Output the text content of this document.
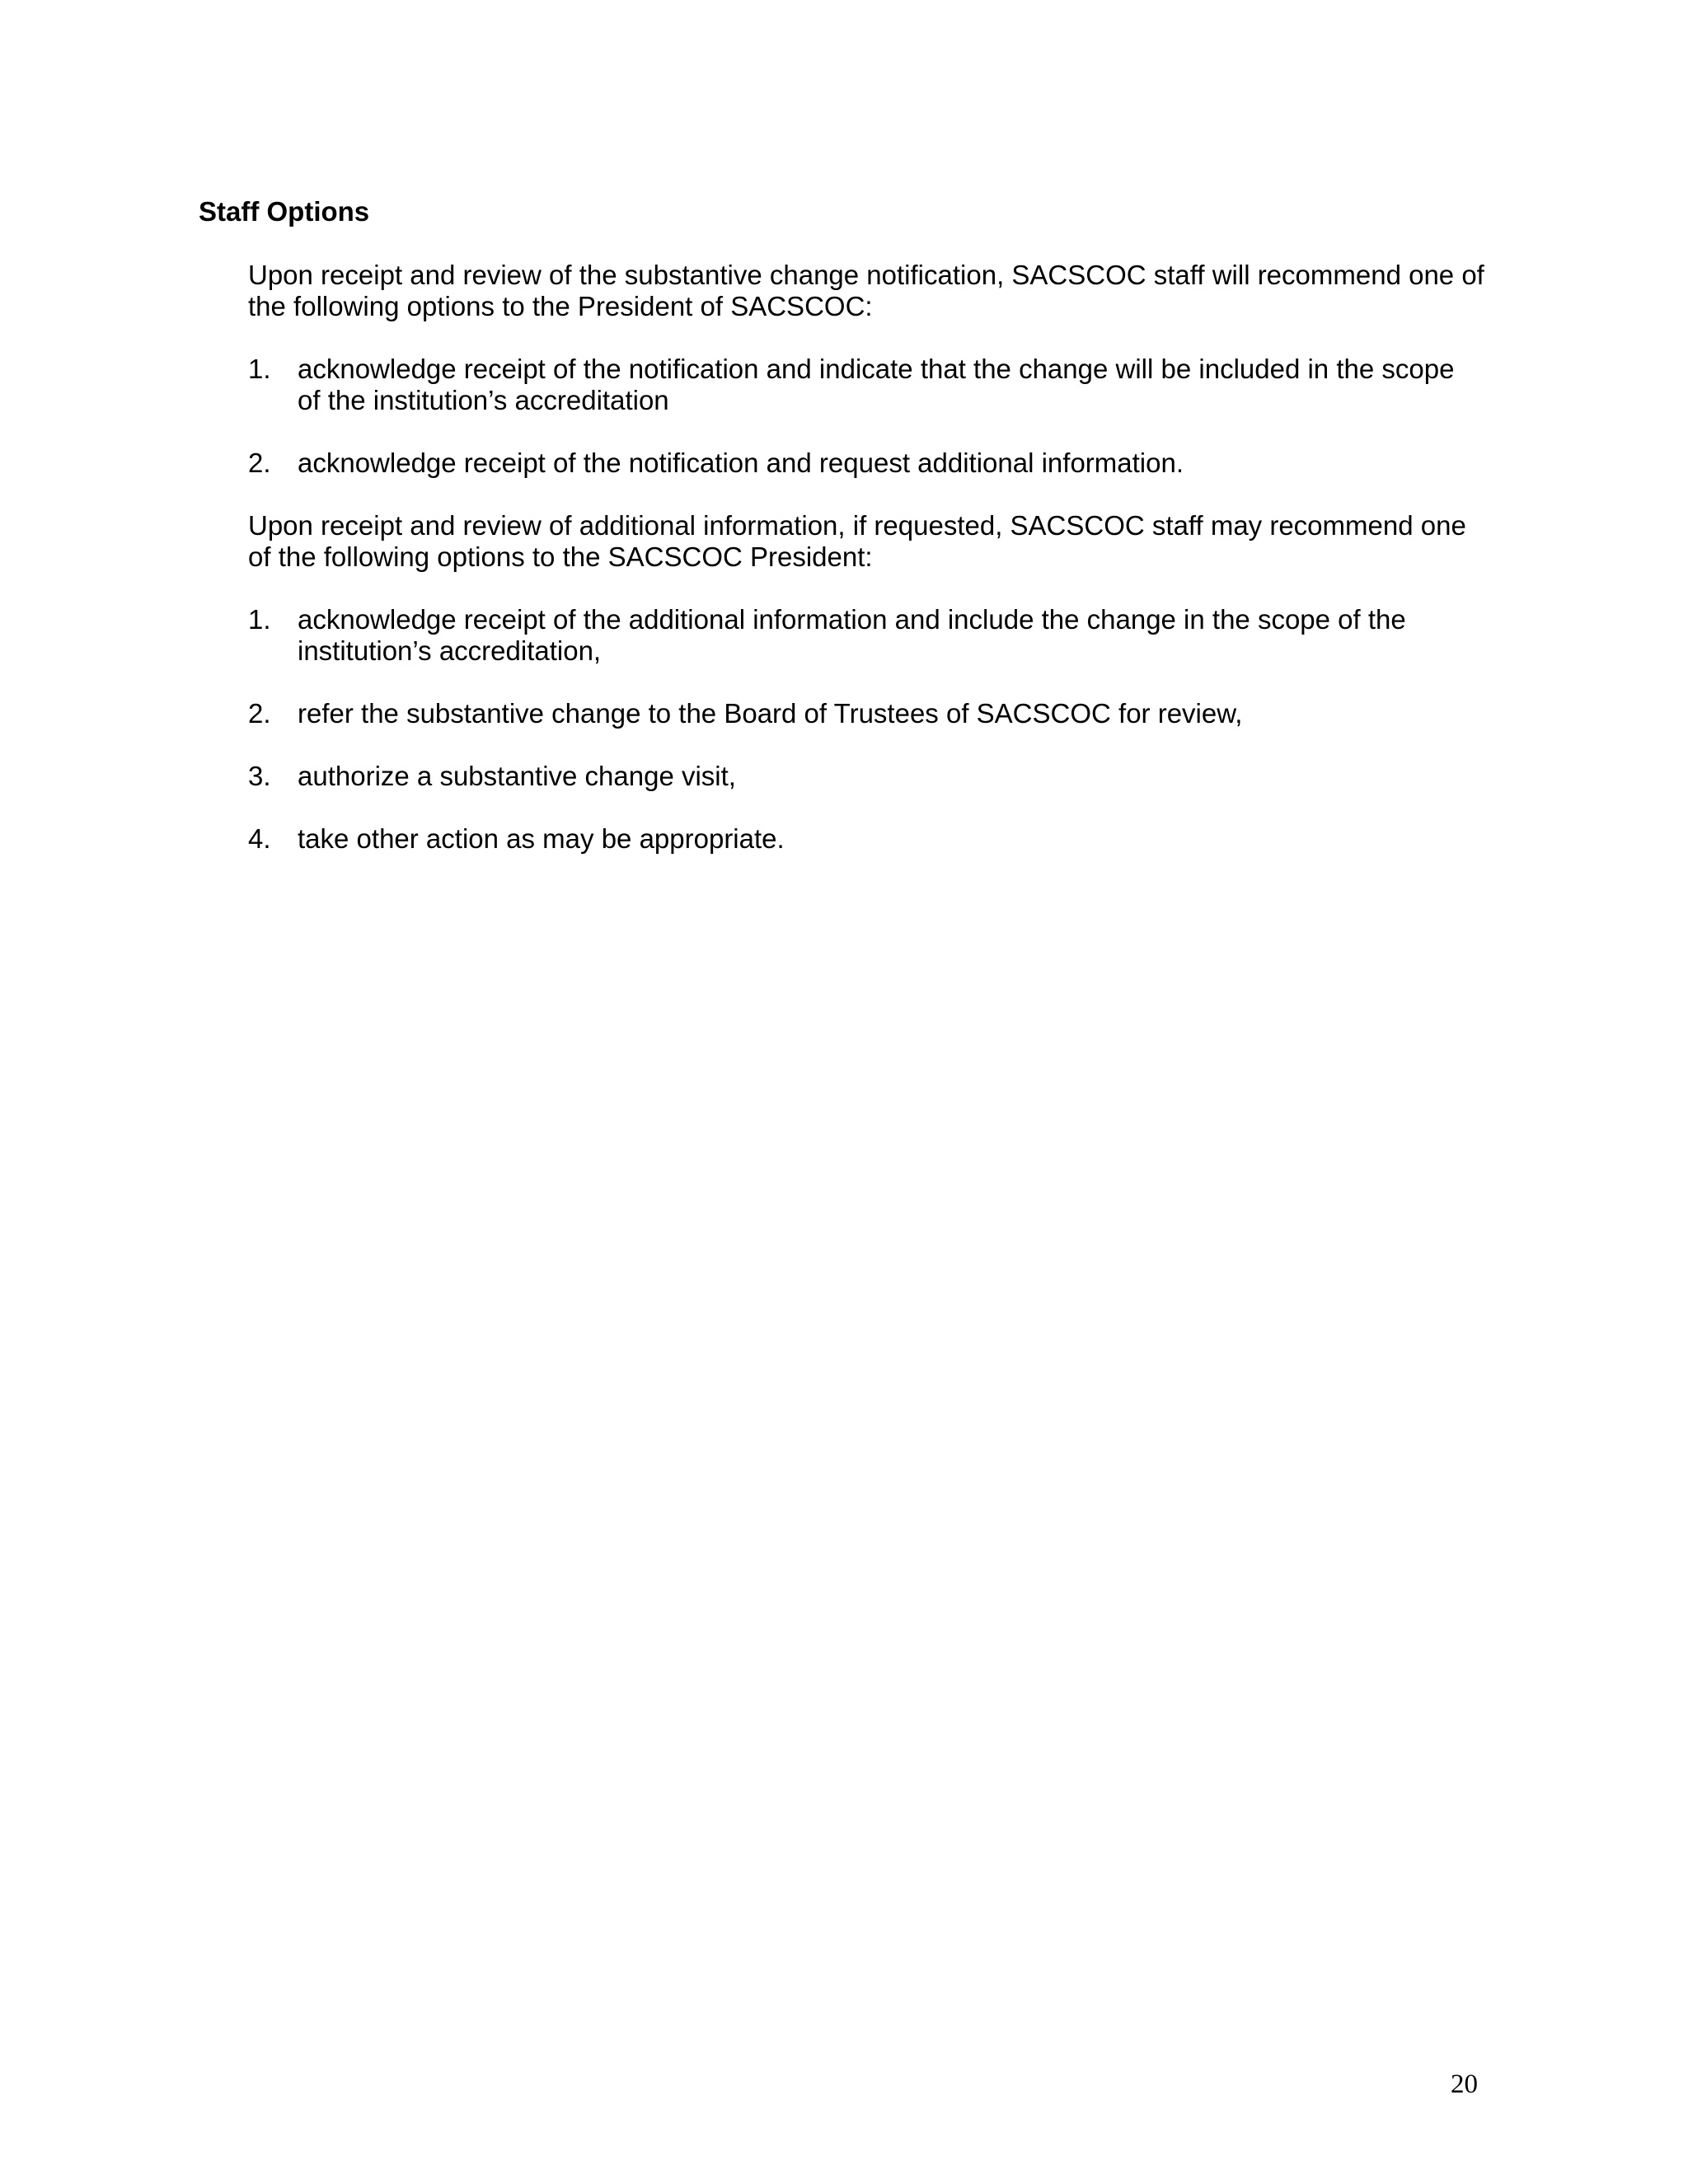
Staff Options

Upon receipt and review of the substantive change notification, SACSCOC staff will recommend one of the following options to the President of SACSCOC:

1. acknowledge receipt of the notification and indicate that the change will be included in the scope of the institution’s accreditation
2. acknowledge receipt of the notification and request additional information.

Upon receipt and review of additional information, if requested, SACSCOC staff may recommend one of the following options to the SACSCOC President:

1. acknowledge receipt of the additional information and include the change in the scope of the institution’s accreditation,
2. refer the substantive change to the Board of Trustees of SACSCOC for review,
3. authorize a substantive change visit,
4. take other action as may be appropriate.
20
